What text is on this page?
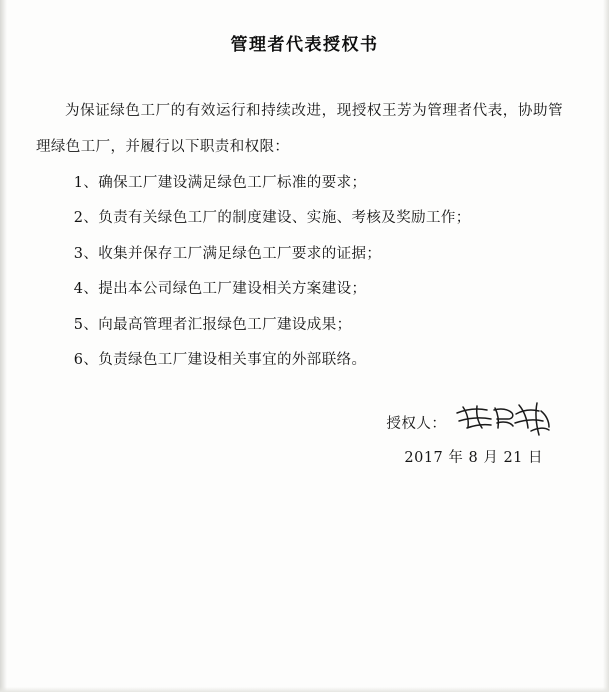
管理者代表授权书

为保证绿色工厂的有效运行和持续改进，现授权王芳为管理者代表，协助管理绿色工厂，并履行以下职责和权限：

1、确保工厂建设满足绿色工厂标准的要求；

2、负责有关绿色工厂的制度建设、实施、考核及奖励工作；

3、收集并保存工厂满足绿色工厂要求的证据；

4、提出本公司绿色工厂建设相关方案建设；

5、向最高管理者汇报绿色工厂建设成果；

6、负责绿色工厂建设相关事宜的外部联络。

授权人：
2017 年 8 月 21 日
